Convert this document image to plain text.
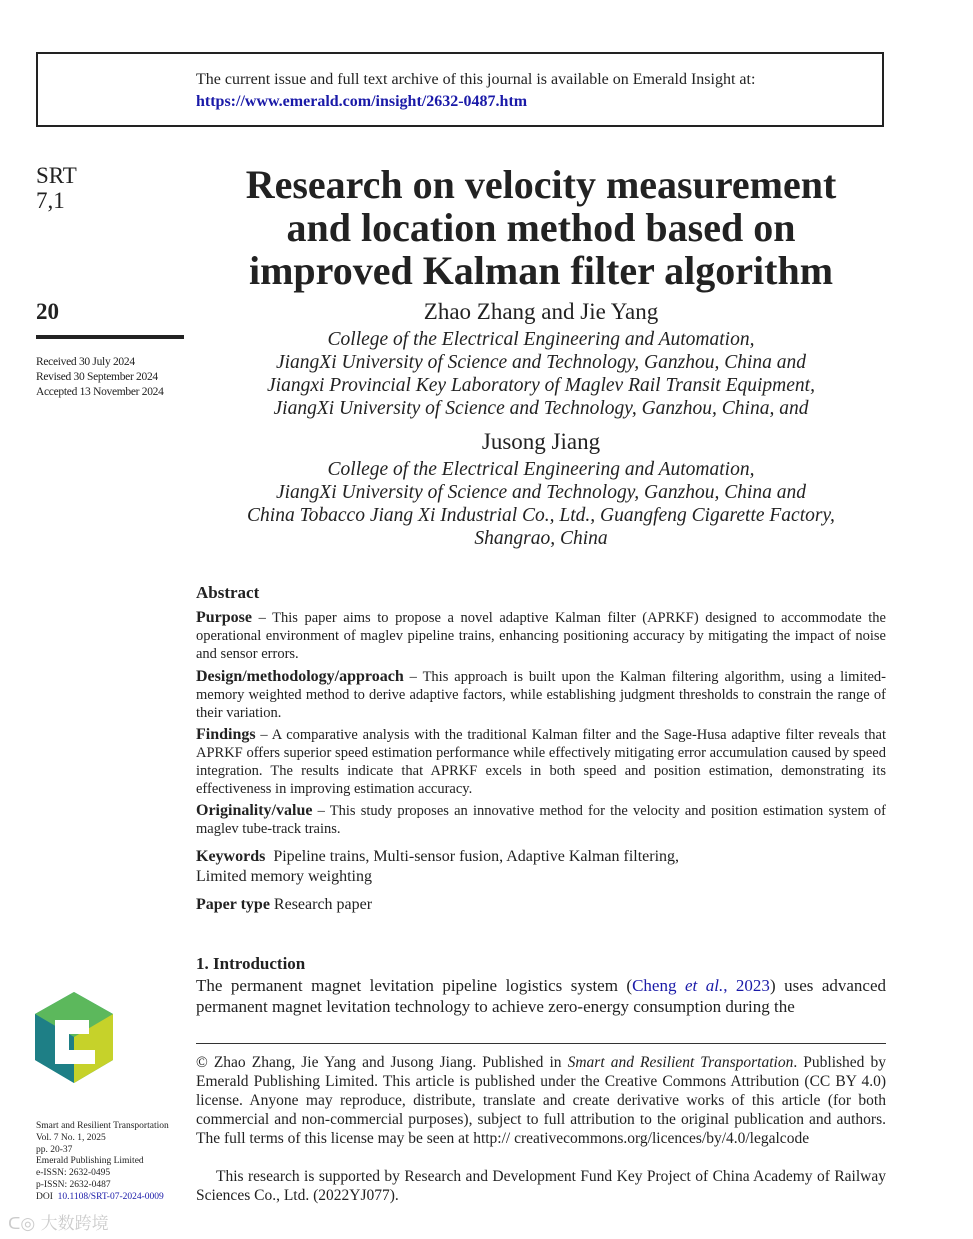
The current issue and full text archive of this journal is available on Emerald Insight at:
https://www.emerald.com/insight/2632-0487.htm
SRT
7,1
20
Received 30 July 2024
Revised 30 September 2024
Accepted 13 November 2024
Research on velocity measurement
and location method based on
improved Kalman filter algorithm
Zhao Zhang and Jie Yang
College of the Electrical Engineering and Automation,
JiangXi University of Science and Technology, Ganzhou, China and
Jiangxi Provincial Key Laboratory of Maglev Rail Transit Equipment,
JiangXi University of Science and Technology, Ganzhou, China, and
Jusong Jiang
College of the Electrical Engineering and Automation,
JiangXi University of Science and Technology, Ganzhou, China and
China Tobacco Jiang Xi Industrial Co., Ltd., Guangfeng Cigarette Factory,
Shangrao, China
Abstract
Purpose – This paper aims to propose a novel adaptive Kalman filter (APRKF) designed to accommodate the operational environment of maglev pipeline trains, enhancing positioning accuracy by mitigating the impact of noise and sensor errors.
Design/methodology/approach – This approach is built upon the Kalman filtering algorithm, using a limited-memory weighted method to derive adaptive factors, while establishing judgment thresholds to constrain the range of their variation.
Findings – A comparative analysis with the traditional Kalman filter and the Sage-Husa adaptive filter reveals that APRKF offers superior speed estimation performance while effectively mitigating error accumulation caused by speed integration. The results indicate that APRKF excels in both speed and position estimation, demonstrating its effectiveness in improving estimation accuracy.
Originality/value – This study proposes an innovative method for the velocity and position estimation system of maglev tube-track trains.
Keywords Pipeline trains, Multi-sensor fusion, Adaptive Kalman filtering,
Limited memory weighting
Paper type Research paper
1. Introduction
The permanent magnet levitation pipeline logistics system (Cheng et al., 2023) uses advanced permanent magnet levitation technology to achieve zero-energy consumption during the
© Zhao Zhang, Jie Yang and Jusong Jiang. Published in Smart and Resilient Transportation. Published by Emerald Publishing Limited. This article is published under the Creative Commons Attribution (CC BY 4.0) license. Anyone may reproduce, distribute, translate and create derivative works of this article (for both commercial and non-commercial purposes), subject to full attribution to the original publication and authors. The full terms of this license may be seen at http:// creativecommons.org/licences/by/4.0/legalcode
This research is supported by Research and Development Fund Key Project of China Academy of Railway Sciences Co., Ltd. (2022YJ077).
Smart and Resilient Transportation
Vol. 7 No. 1, 2025
pp. 20-37
Emerald Publishing Limited
e-ISSN: 2632-0495
p-ISSN: 2632-0487
DOI 10.1108/SRT-07-2024-0009
ᑕ◎ 大数跨境
